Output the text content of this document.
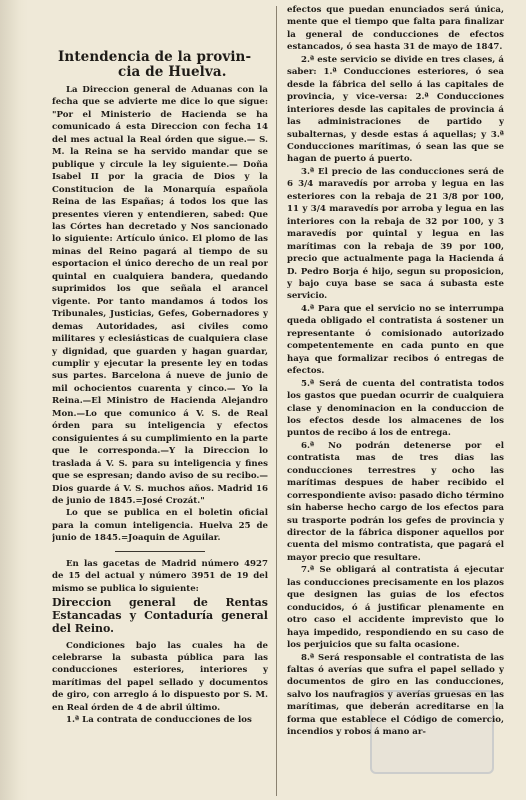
Intendencia de la provin-
cia de Huelva.

La Direccion general de Aduanas con la fecha que se advierte me dice lo que sigue: "Por el Ministerio de Hacienda se ha comunicado á esta Direccion con fecha 14 del mes actual la Real órden que sigue.— S. M. la Reina se ha servido mandar que se publique y circule la ley siguiente.— Doña Isabel II por la gracia de Dios y la Constitucion de la Monarquía española Reina de las Españas; á todos los que las presentes vieren y entendieren, sabed: Que las Córtes han decretado y Nos sancionado lo siguiente: Artículo único. El plomo de las minas del Reino pagará al tiempo de su esportacion el único derecho de un real por quintal en cualquiera bandera, quedando suprimidos los que señala el arancel vigente. Por tanto mandamos á todos los Tribunales, Justicias, Gefes, Gobernadores y demas Autoridades, asi civiles como militares y eclesiásticas de cualquiera clase y dignidad, que guarden y hagan guardar, cumplir y ejecutar la presente ley en todas sus partes. Barcelona á nueve de junio de mil ochocientos cuarenta y cinco.— Yo la Reina.—El Ministro de Hacienda Alejandro Mon.—Lo que comunico á V. S. de Real órden para su inteligencia y efectos consiguientes á su cumplimiento en la parte que le corresponda.—Y la Direccion lo traslada á V. S. para su inteligencia y fines que se espresan; dando aviso de su recibo.—Dios guarde á V. S. muchos años. Madrid 16 de junio de 1845.=José Crozát."

Lo que se publica en el boletin oficial para la comun inteligencia. Huelva 25 de junio de 1845.=Joaquin de Aguilar.

En las gacetas de Madrid número 4927 de 15 del actual y número 3951 de 19 del mismo se publica lo siguiente:

Direccion general de Rentas Estancadas y Contaduría general del Reino.

Condiciones bajo las cuales ha de celebrarse la subasta pública para las conducciones esteriores, interiores y marítimas del papel sellado y documentos de giro, con arreglo á lo dispuesto por S. M. en Real órden de 4 de abril último.

1.ª La contrata de conducciones de los

efectos que puedan enunciados será única, mente que el tiempo que falta para finalizar la general de conducciones de efectos estancados, ó sea hasta 31 de mayo de 1847.

2.ª este servicio se divide en tres clases, á saber: 1.ª Conducciones esteriores, ó sea desde la fábrica del sello á las capitales de provincia, y vice-versa: 2.ª Conducciones interiores desde las capitales de provincia á las administraciones de partido y subalternas, y desde estas á aquellas; y 3.ª Conducciones marítimas, ó sean las que se hagan de puerto á puerto.

3.ª El precio de las conducciones será de 6 3/4 maravedís por arroba y legua en las esteriores con la rebaja de 21 3/8 por 100, 11 y 3/4 maravedís por arroba y legua en las interiores con la rebaja de 32 por 100, y 3 maravedís por quintal y legua en las marítimas con la rebaja de 39 por 100, precio que actualmente paga la Hacienda á D. Pedro Borja é hijo, segun su proposicion, y bajo cuya base se saca á subasta este servicio.

4.ª Para que el servicio no se interrumpa queda obligado el contratista á sostener un representante ó comisionado autorizado competentemente en cada punto en que haya que formalizar recibos ó entregas de efectos.

5.ª Será de cuenta del contratista todos los gastos que puedan ocurrir de cualquiera clase y denominacion en la conduccion de los efectos desde los almacenes de los puntos de recibo á los de entrega.

6.ª No podrán detenerse por el contratista mas de tres dias las conducciones terrestres y ocho las marítimas despues de haber recibido el correspondiente aviso: pasado dicho término sin haberse hecho cargo de los efectos para su trasporte podrán los gefes de provincia y director de la fábrica disponer aquellos por cuenta del mismo contratista, que pagará el mayor precio que resultare.

7.ª Se obligará al contratista á ejecutar las conducciones precisamente en los plazos que designen las guias de los efectos conducidos, ó á justificar plenamente en otro caso el accidente imprevisto que lo haya impedido, respondiendo en su caso de los perjuicios que su falta ocasione.

8.ª Será responsable el contratista de las faltas ó averías que sufra el papel sellado y documentos de giro en las conducciones, salvo los naufragios y averías gruesas en las marítimas, que deberán acreditarse en la forma que establece el Código de comercio, incendios y robos á mano ar-
